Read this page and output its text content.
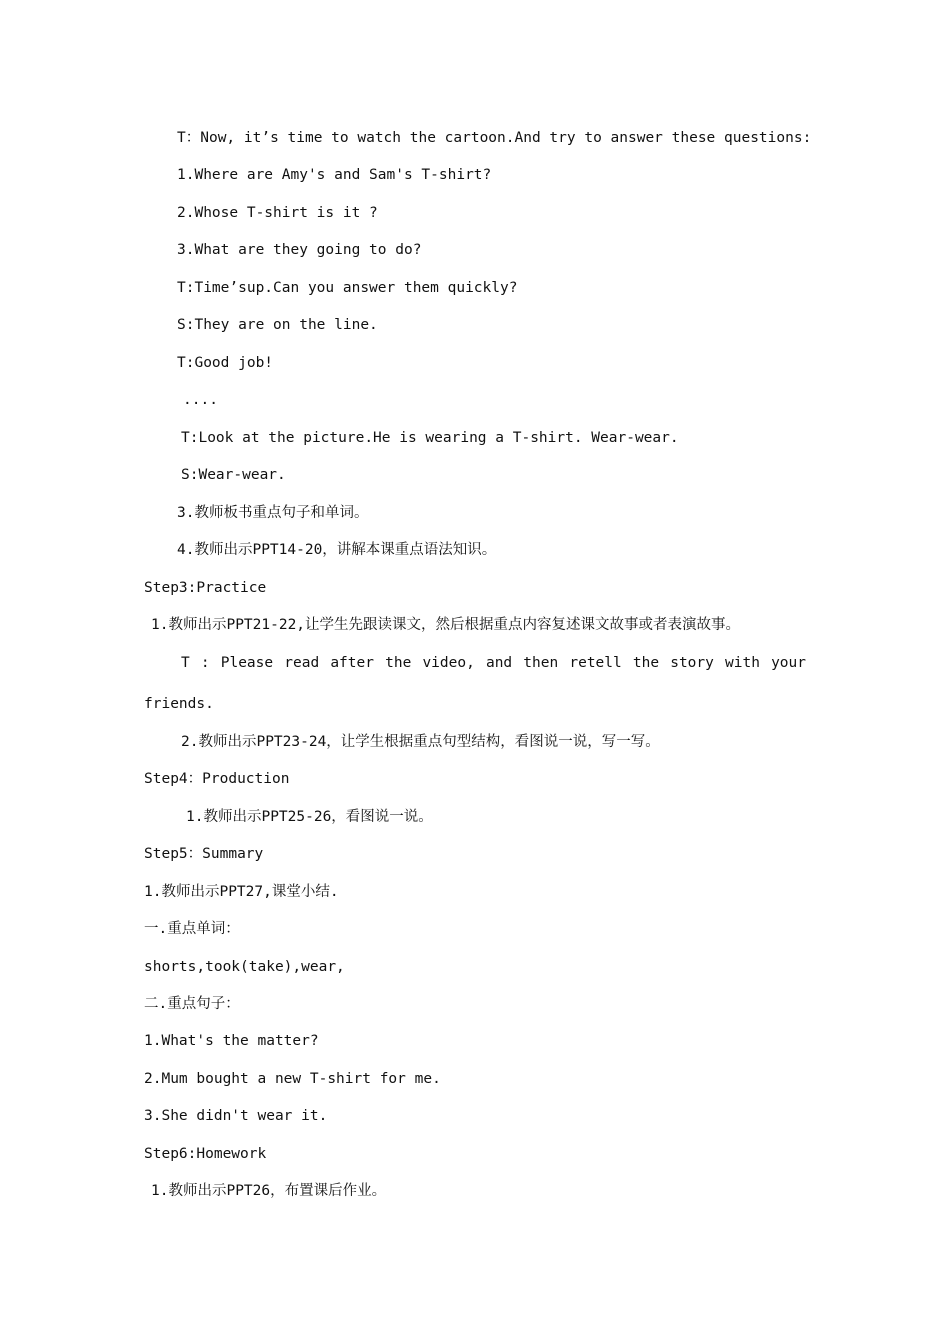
T：Now, it’s time to watch the cartoon.And try to answer these questions:

1.Where are Amy's and Sam's T-shirt?

2.Whose T-shirt is it ?

3.What are they going to do?

T:Time’sup.Can you answer them quickly?

S:They are on the line.

T:Good job!

....

T:Look at the picture.He is wearing a T-shirt. Wear-wear.

S:Wear-wear.

3.教师板书重点句子和单词。

4.教师出示PPT14-20，讲解本课重点语法知识。

Step3:Practice

1.教师出示PPT21-22,让学生先跟读课文，然后根据重点内容复述课文故事或者表演故事。

T : Please read after the video, and then retell the story with your

friends.

2.教师出示PPT23-24，让学生根据重点句型结构，看图说一说，写一写。

Step4：Production

1.教师出示PPT25-26，看图说一说。

Step5：Summary

1.教师出示PPT27,课堂小结.

一.重点单词：

shorts,took(take),wear,

二.重点句子：

1.What's the matter?

2.Mum bought a new T-shirt for me.

3.She didn't wear it.

Step6:Homework

1.教师出示PPT26，布置课后作业。
